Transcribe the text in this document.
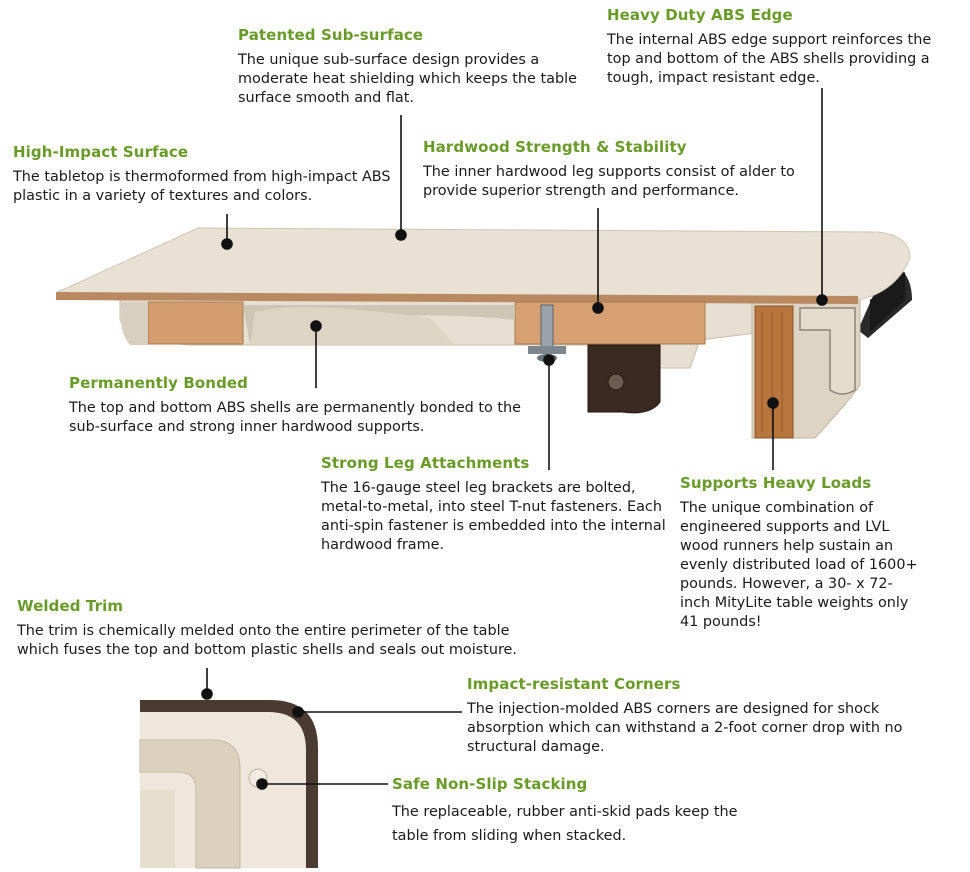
Patented Sub-surface

The unique sub-surface design provides a moderate heat shielding which keeps the table surface smooth and flat.

Heavy Duty ABS Edge

The internal ABS edge support reinforces the top and bottom of the ABS shells providing a tough, impact resistant edge.

High-Impact Surface

The tabletop is thermoformed from high-impact ABS plastic in a variety of textures and colors.

Hardwood Strength & Stability

The inner hardwood leg supports consist of alder to provide superior strength and performance.

Permanently Bonded

The top and bottom ABS shells are permanently bonded to the sub-surface and strong inner hardwood supports.

Strong Leg Attachments

The 16-gauge steel leg brackets are bolted, metal-to-metal, into steel T-nut fasteners. Each anti-spin fastener is embedded into the internal hardwood frame.

Supports Heavy Loads

The unique combination of engineered supports and LVL wood runners help sustain an evenly distributed load of 1600+ pounds. However, a 30- x 72-inch MityLite table weights only 41 pounds!

Welded Trim

The trim is chemically melded onto the entire perimeter of the table which fuses the top and bottom plastic shells and seals out moisture.

Impact-resistant Corners

The injection-molded ABS corners are designed for shock absorption which can withstand a 2-foot corner drop with no structural damage.

Safe Non-Slip Stacking

The replaceable, rubber anti-skid pads keep the table from sliding when stacked.
